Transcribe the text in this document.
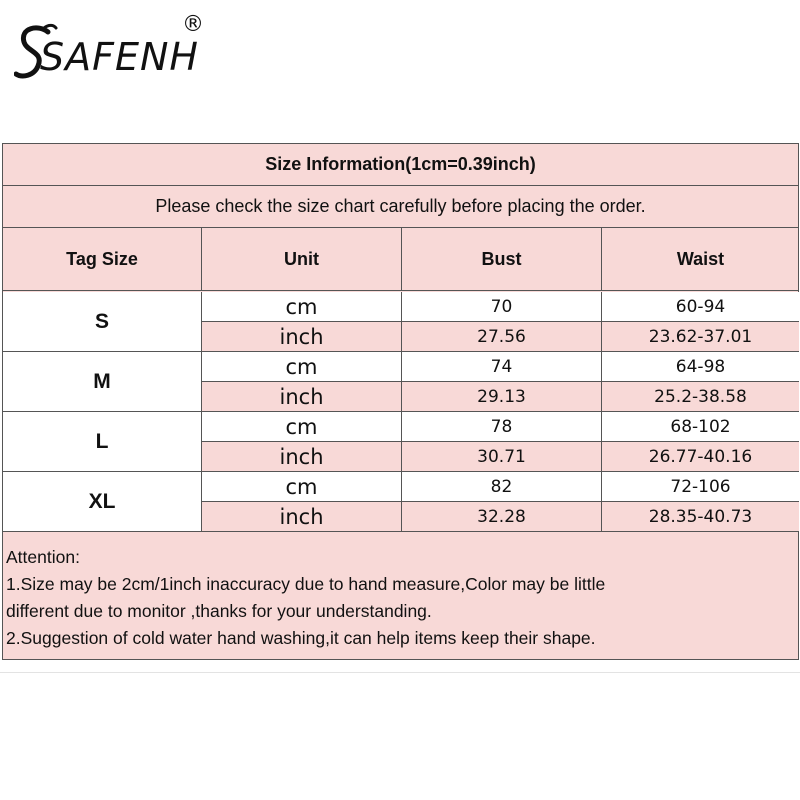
SAFENH
®
Size Information(1cm=0.39inch)
Please check the size chart carefully before placing the order.
Tag Size	Unit	Bust	Waist
S
cm	70	60-94
inch	27.56	23.62-37.01
M
cm	74	64-98
inch	29.13	25.2-38.58
L
cm	78	68-102
inch	30.71	26.77-40.16
XL
cm	82	72-106
inch	32.28	28.35-40.73

Attention:

1.Size may be 2cm/1inch inaccuracy due to hand measure,Color may be little

different due to monitor ,thanks for your understanding.

2.Suggestion of cold water hand washing,it can help items keep their shape.
